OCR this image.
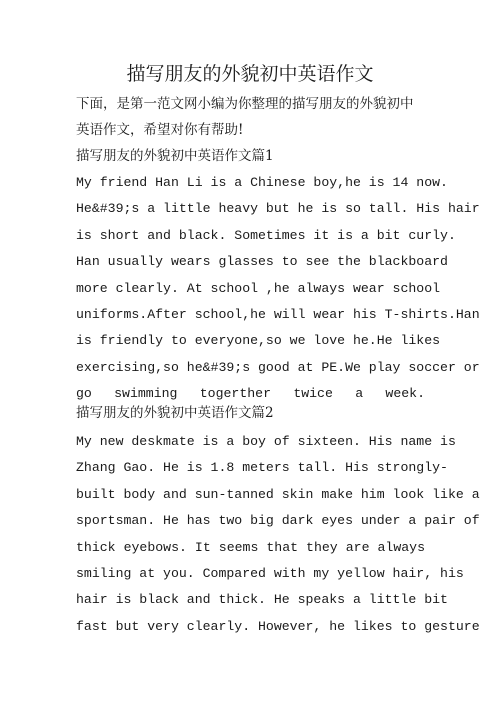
描写朋友的外貌初中英语作文
下面，是第一范文网小编为你整理的描写朋友的外貌初中
英语作文，希望对你有帮助!
描写朋友的外貌初中英语作文篇1
My friend Han Li is a Chinese boy,he is 14 now.
He&#39;s a little heavy but he is so tall. His hair
is short and black. Sometimes it is a bit curly.
Han usually wears glasses to see the blackboard
more clearly. At school ,he always wear school
uniforms.After school,he will wear his T-shirts.Han
is friendly to everyone,so we love he.He likes
exercising,so he&#39;s good at PE.We play soccer or
go swimming togerther twice a week.
描写朋友的外貌初中英语作文篇2
My new deskmate is a boy of sixteen. His name is
Zhang Gao. He is 1.8 meters tall. His strongly-
built body and sun-tanned skin make him look like a
sportsman. He has two big dark eyes under a pair of
thick eyebows. It seems that they are always
smiling at you. Compared with my yellow hair, his
hair is black and thick. He speaks a little bit
fast but very clearly. However, he likes to gesture
